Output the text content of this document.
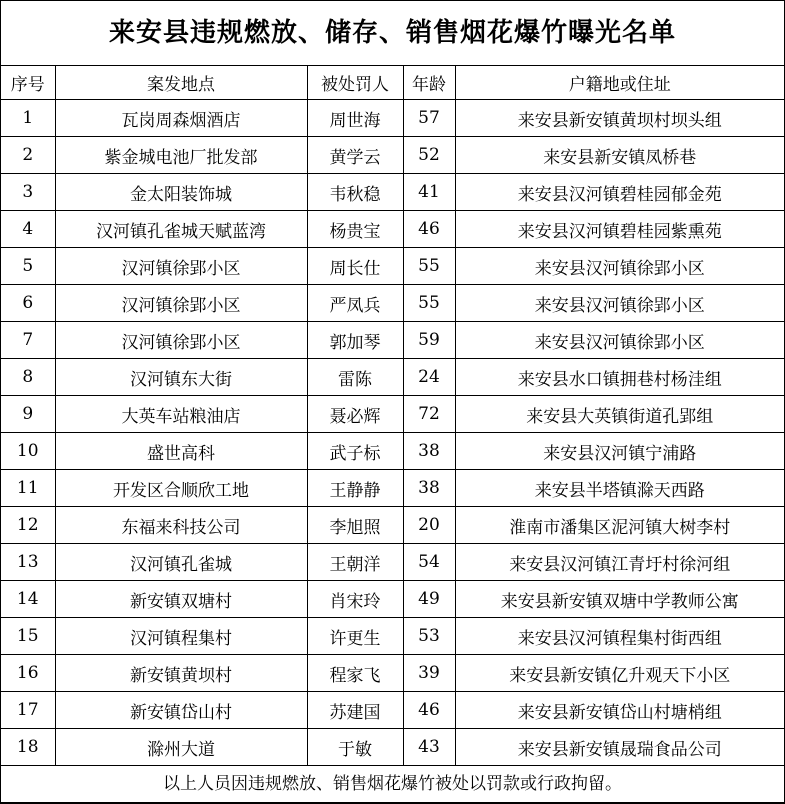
来安县违规燃放、储存、销售烟花爆竹曝光名单
序号	案发地点	被处罚人	年龄	户籍地或住址
1	瓦岗周森烟酒店	周世海	57	来安县新安镇黄坝村坝头组
2	紫金城电池厂批发部	黄学云	52	来安县新安镇凤桥巷
3	金太阳装饰城	韦秋稳	41	来安县汉河镇碧桂园郁金苑
4	汉河镇孔雀城天赋蓝湾	杨贵宝	46	来安县汉河镇碧桂园紫熏苑
5	汉河镇徐郢小区	周长仕	55	来安县汉河镇徐郢小区
6	汉河镇徐郢小区	严凤兵	55	来安县汉河镇徐郢小区
7	汉河镇徐郢小区	郭加琴	59	来安县汉河镇徐郢小区
8	汉河镇东大街	雷陈	24	来安县水口镇拥巷村杨洼组
9	大英车站粮油店	聂必辉	72	来安县大英镇街道孔郢组
10	盛世高科	武子标	38	来安县汉河镇宁浦路
11	开发区合顺欣工地	王静静	38	来安县半塔镇滁天西路
12	东福来科技公司	李旭照	20	淮南市潘集区泥河镇大树李村
13	汉河镇孔雀城	王朝洋	54	来安县汉河镇江青圩村徐河组
14	新安镇双塘村	肖宋玲	49	来安县新安镇双塘中学教师公寓
15	汉河镇程集村	许更生	53	来安县汉河镇程集村街西组
16	新安镇黄坝村	程家飞	39	来安县新安镇亿升观天下小区
17	新安镇岱山村	苏建国	46	来安县新安镇岱山村塘梢组
18	滁州大道	于敏	43	来安县新安镇晟瑞食品公司
以上人员因违规燃放、销售烟花爆竹被处以罚款或行政拘留。				
